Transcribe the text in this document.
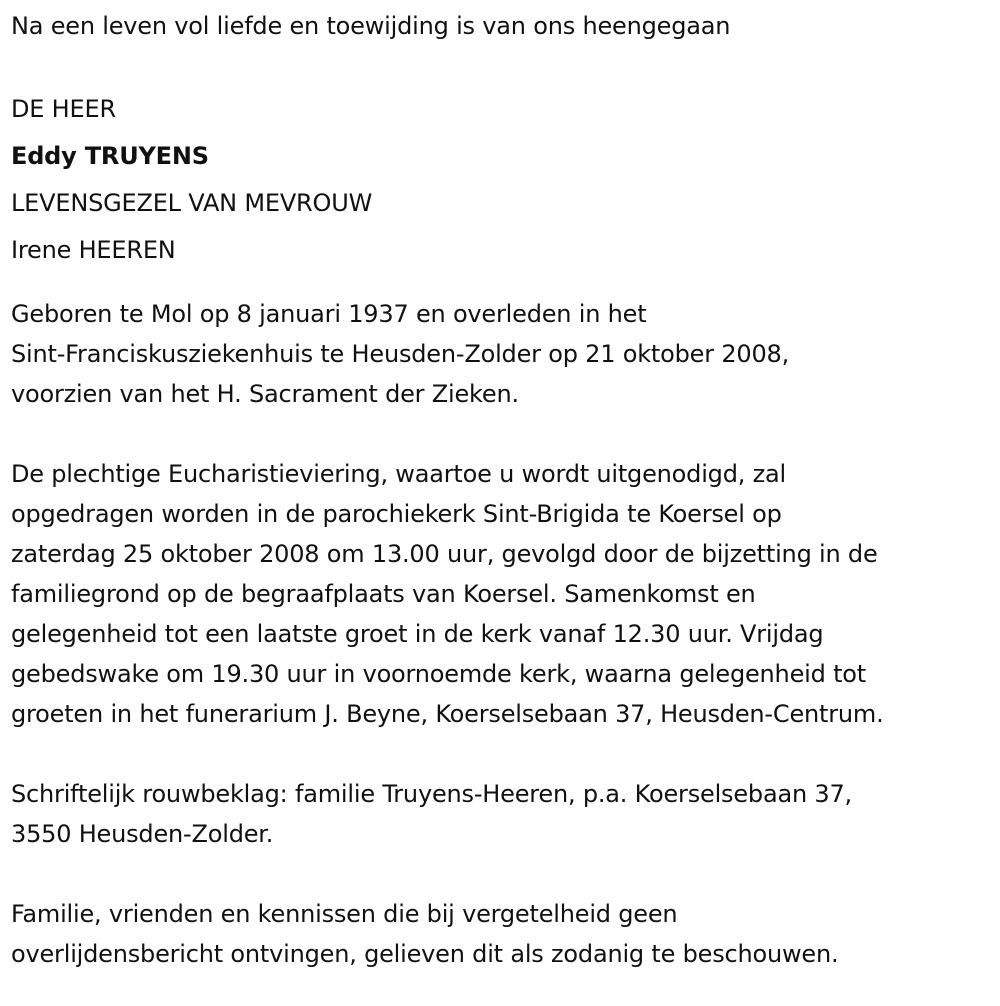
Na een leven vol liefde en toewijding is van ons heengegaan
DE HEER
Eddy TRUYENS
LEVENSGEZEL VAN MEVROUW
Irene HEEREN
Geboren te Mol op 8 januari 1937 en overleden in het
Sint-Franciskusziekenhuis te Heusden-Zolder op 21 oktober 2008,
voorzien van het H. Sacrament der Zieken.
De plechtige Eucharistieviering, waartoe u wordt uitgenodigd, zal
opgedragen worden in de parochiekerk Sint-Brigida te Koersel op
zaterdag 25 oktober 2008 om 13.00 uur, gevolgd door de bijzetting in de
familiegrond op de begraafplaats van Koersel. Samenkomst en
gelegenheid tot een laatste groet in de kerk vanaf 12.30 uur. Vrijdag
gebedswake om 19.30 uur in voornoemde kerk, waarna gelegenheid tot
groeten in het funerarium J. Beyne, Koerselsebaan 37, Heusden-Centrum.
Schriftelijk rouwbeklag: familie Truyens-Heeren, p.a. Koerselsebaan 37,
3550 Heusden-Zolder.
Familie, vrienden en kennissen die bij vergetelheid geen
overlijdensbericht ontvingen, gelieven dit als zodanig te beschouwen.
